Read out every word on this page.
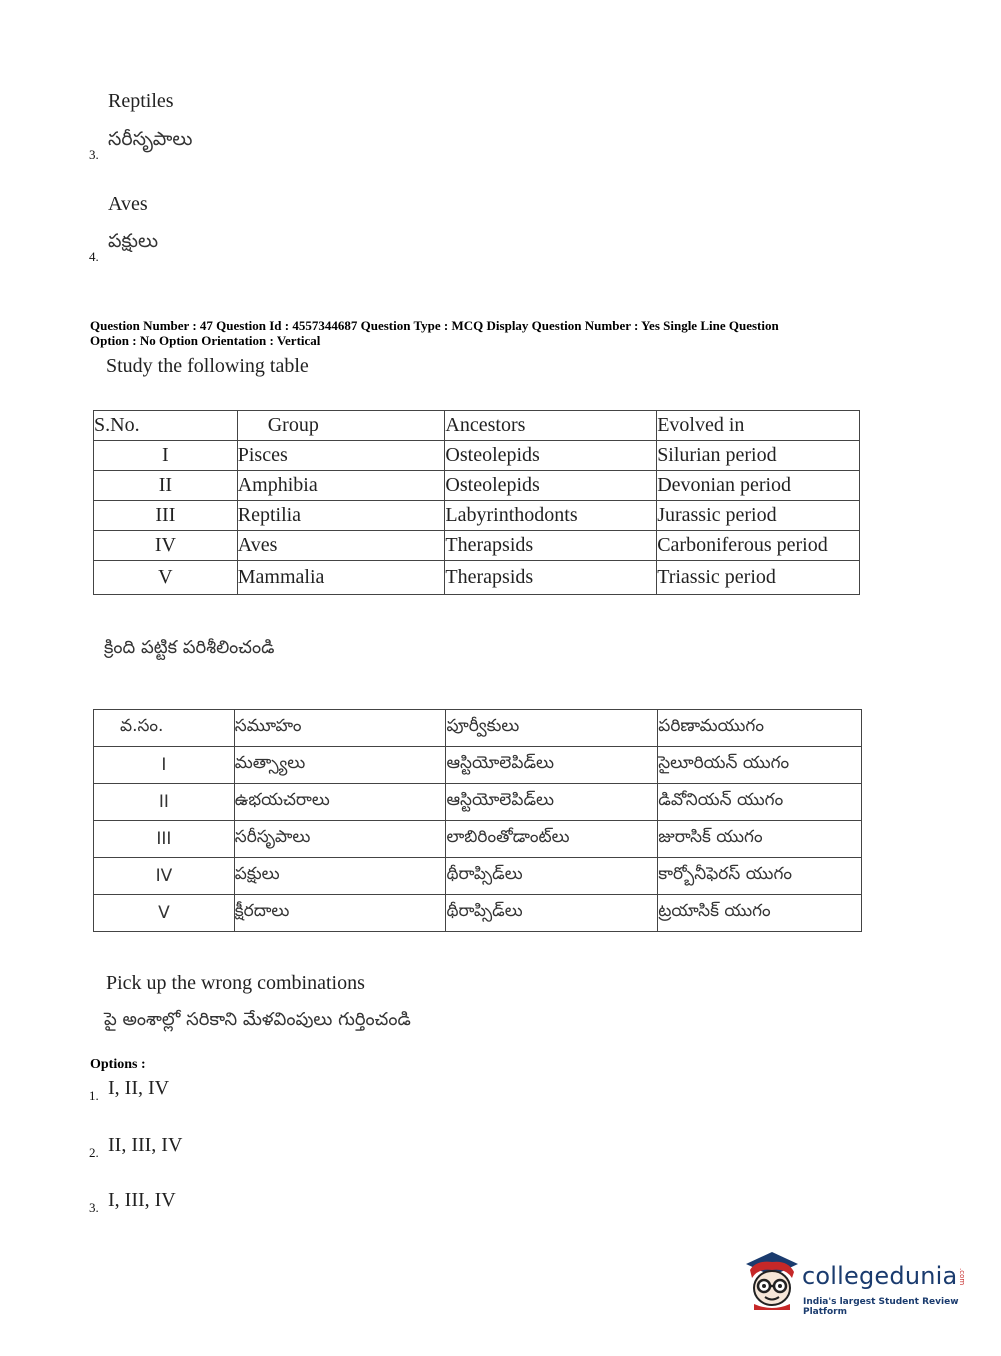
Reptiles
సరీసృపాలు
3.
Aves
పక్షులు
4.
Question Number : 47 Question Id : 4557344687 Question Type : MCQ Display Question Number : Yes Single Line Question
Option : No Option Orientation : Vertical
Study the following table
S.No.	Group	Ancestors	Evolved in
I	Pisces	Osteolepids	Silurian period
II	Amphibia	Osteolepids	Devonian period
III	Reptilia	Labyrinthodonts	Jurassic period
IV	Aves	Therapsids	Carboniferous period
V	Mammalia	Therapsids	Triassic period
క్రింది పట్టిక పరిశీలించండి
వ.సం.	సమూహం	పూర్వీకులు	పరిణామయుగం
I	మత్స్యాలు	ఆస్టియోలెపిడ్‌లు	సైలూరియన్ యుగం
II	ఉభయచరాలు	ఆస్టియోలెపిడ్‌లు	డివోనియన్ యుగం
III	సరీసృపాలు	లాబిరింతోడాంట్‌లు	జురాసిక్ యుగం
IV	పక్షులు	థీరాప్సిడ్‌లు	కార్బోనీఫెరస్ యుగం
V	క్షీరదాలు	థీరాప్సిడ్‌లు	ట్రయాసిక్ యుగం
Pick up the wrong combinations
పై అంశాల్లో సరికాని మేళవింపులు గుర్తించండి
Options :
I, II, IV
1.
II, III, IV
2.
I, III, IV
3.
collegedunia .com
India's largest Student Review Platform
